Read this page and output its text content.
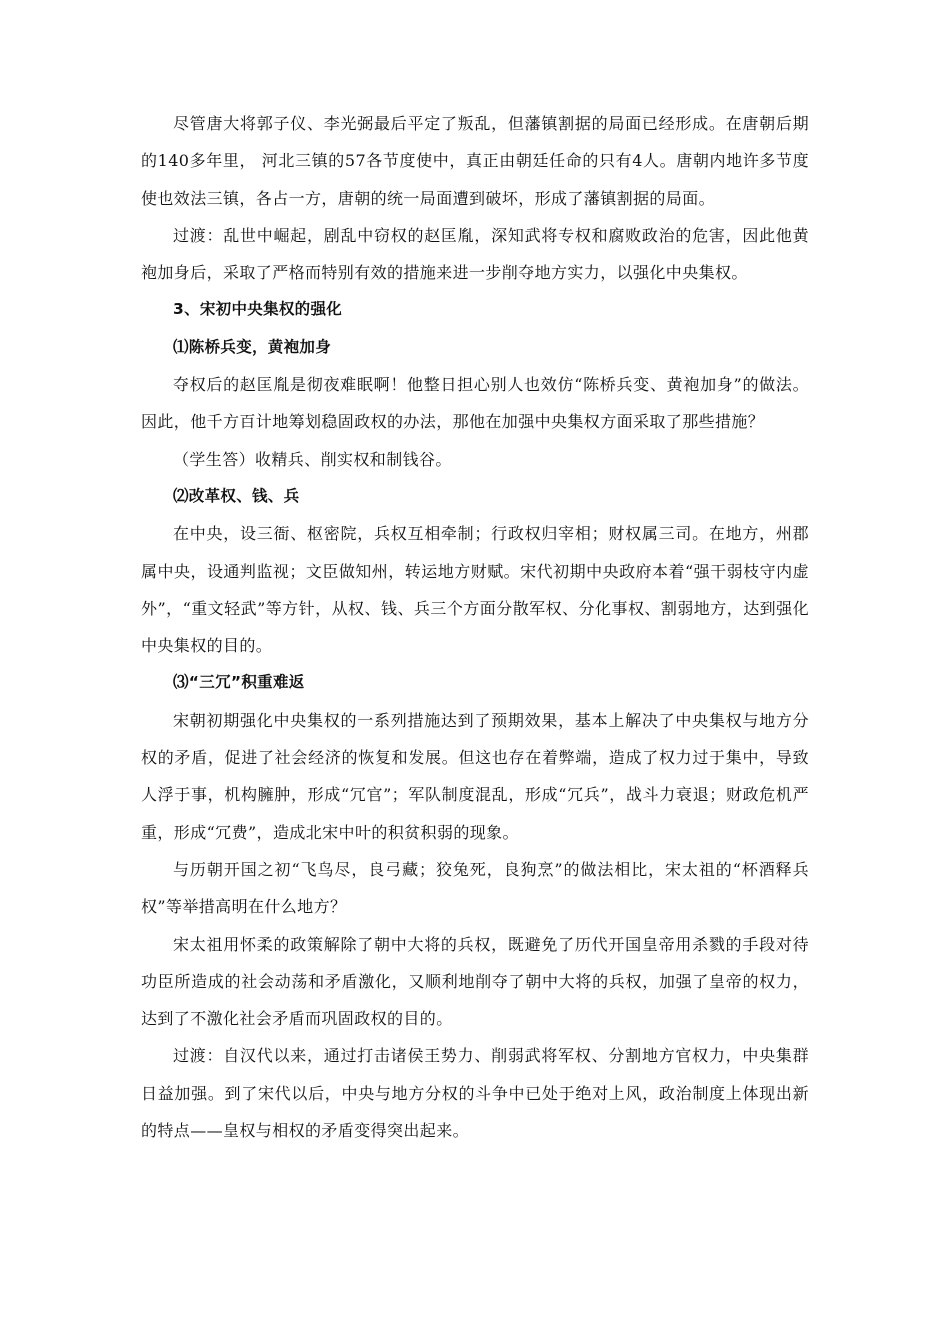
尽管唐大将郭子仪、李光弼最后平定了叛乱，但藩镇割据的局面已经形成。在唐朝后期的140多年里， 河北三镇的57各节度使中，真正由朝廷任命的只有4人。唐朝内地许多节度使也效法三镇，各占一方，唐朝的统一局面遭到破坏，形成了藩镇割据的局面。

过渡：乱世中崛起，剧乱中窃权的赵匡胤，深知武将专权和腐败政治的危害，因此他黄袍加身后，采取了严格而特别有效的措施来进一步削夺地方实力，以强化中央集权。

3、宋初中央集权的强化

⑴陈桥兵变，黄袍加身

夺权后的赵匡胤是彻夜难眠啊！他整日担心别人也效仿“陈桥兵变、黄袍加身”的做法。因此，他千方百计地筹划稳固政权的办法，那他在加强中央集权方面采取了那些措施？

（学生答）收精兵、削实权和制钱谷。

⑵改革权、钱、兵

在中央，设三衙、枢密院，兵权互相牵制；行政权归宰相；财权属三司。在地方，州郡属中央，设通判监视；文臣做知州，转运地方财赋。宋代初期中央政府本着“强干弱枝守内虚外”，“重文轻武”等方针，从权、钱、兵三个方面分散军权、分化事权、割弱地方，达到强化中央集权的目的。

⑶“三冗”积重难返

宋朝初期强化中央集权的一系列措施达到了预期效果，基本上解决了中央集权与地方分权的矛盾，促进了社会经济的恢复和发展。但这也存在着弊端，造成了权力过于集中，导致人浮于事，机构臃肿，形成“冗官”；军队制度混乱，形成“冗兵”，战斗力衰退；财政危机严重，形成“冗费”，造成北宋中叶的积贫积弱的现象。

与历朝开国之初“飞鸟尽，良弓藏；狡兔死，良狗烹”的做法相比，宋太祖的“杯酒释兵权”等举措高明在什么地方？

宋太祖用怀柔的政策解除了朝中大将的兵权，既避免了历代开国皇帝用杀戮的手段对待功臣所造成的社会动荡和矛盾激化，又顺利地削夺了朝中大将的兵权，加强了皇帝的权力，达到了不激化社会矛盾而巩固政权的目的。

过渡：自汉代以来，通过打击诸侯王势力、削弱武将军权、分割地方官权力，中央集群日益加强。到了宋代以后，中央与地方分权的斗争中已处于绝对上风，政治制度上体现出新的特点——皇权与相权的矛盾变得突出起来。
